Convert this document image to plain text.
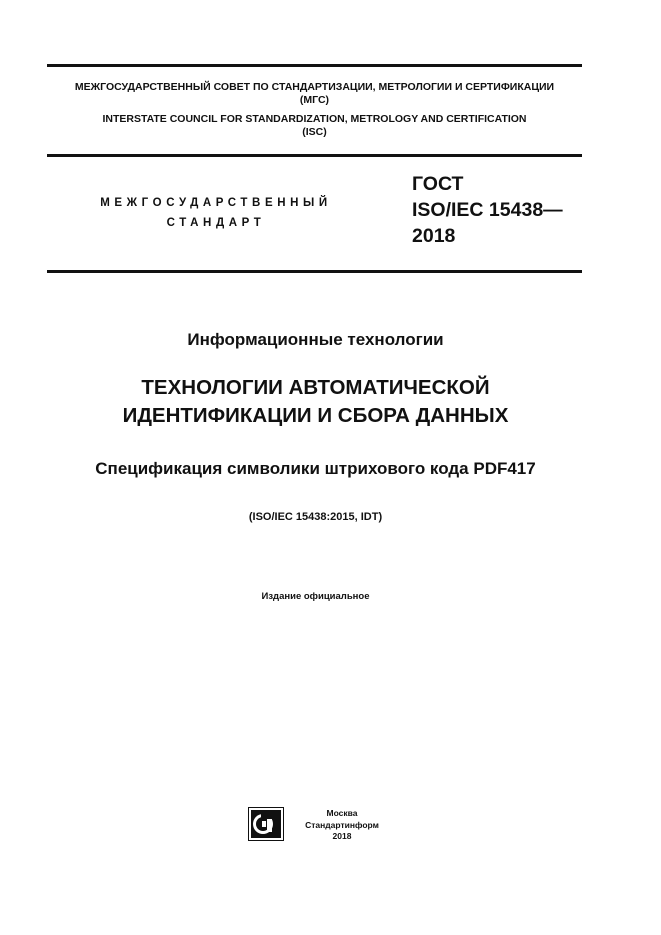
МЕЖГОСУДАРСТВЕННЫЙ СОВЕТ ПО СТАНДАРТИЗАЦИИ, МЕТРОЛОГИИ И СЕРТИФИКАЦИИ
(МГС)
INTERSTATE COUNCIL FOR STANDARDIZATION, METROLOGY AND CERTIFICATION
(ISC)
МЕЖГОСУДАРСТВЕННЫЙ
СТАНДАРТ
ГОСТ
ISO/IEC 15438—
2018
Информационные технологии
ТЕХНОЛОГИИ АВТОМАТИЧЕСКОЙ
ИДЕНТИФИКАЦИИ И СБОРА ДАННЫХ
Спецификация символики штрихового кода PDF417
(ISO/IEC 15438:2015, IDT)
Издание официальное
Москва
Стандартинформ
2018
